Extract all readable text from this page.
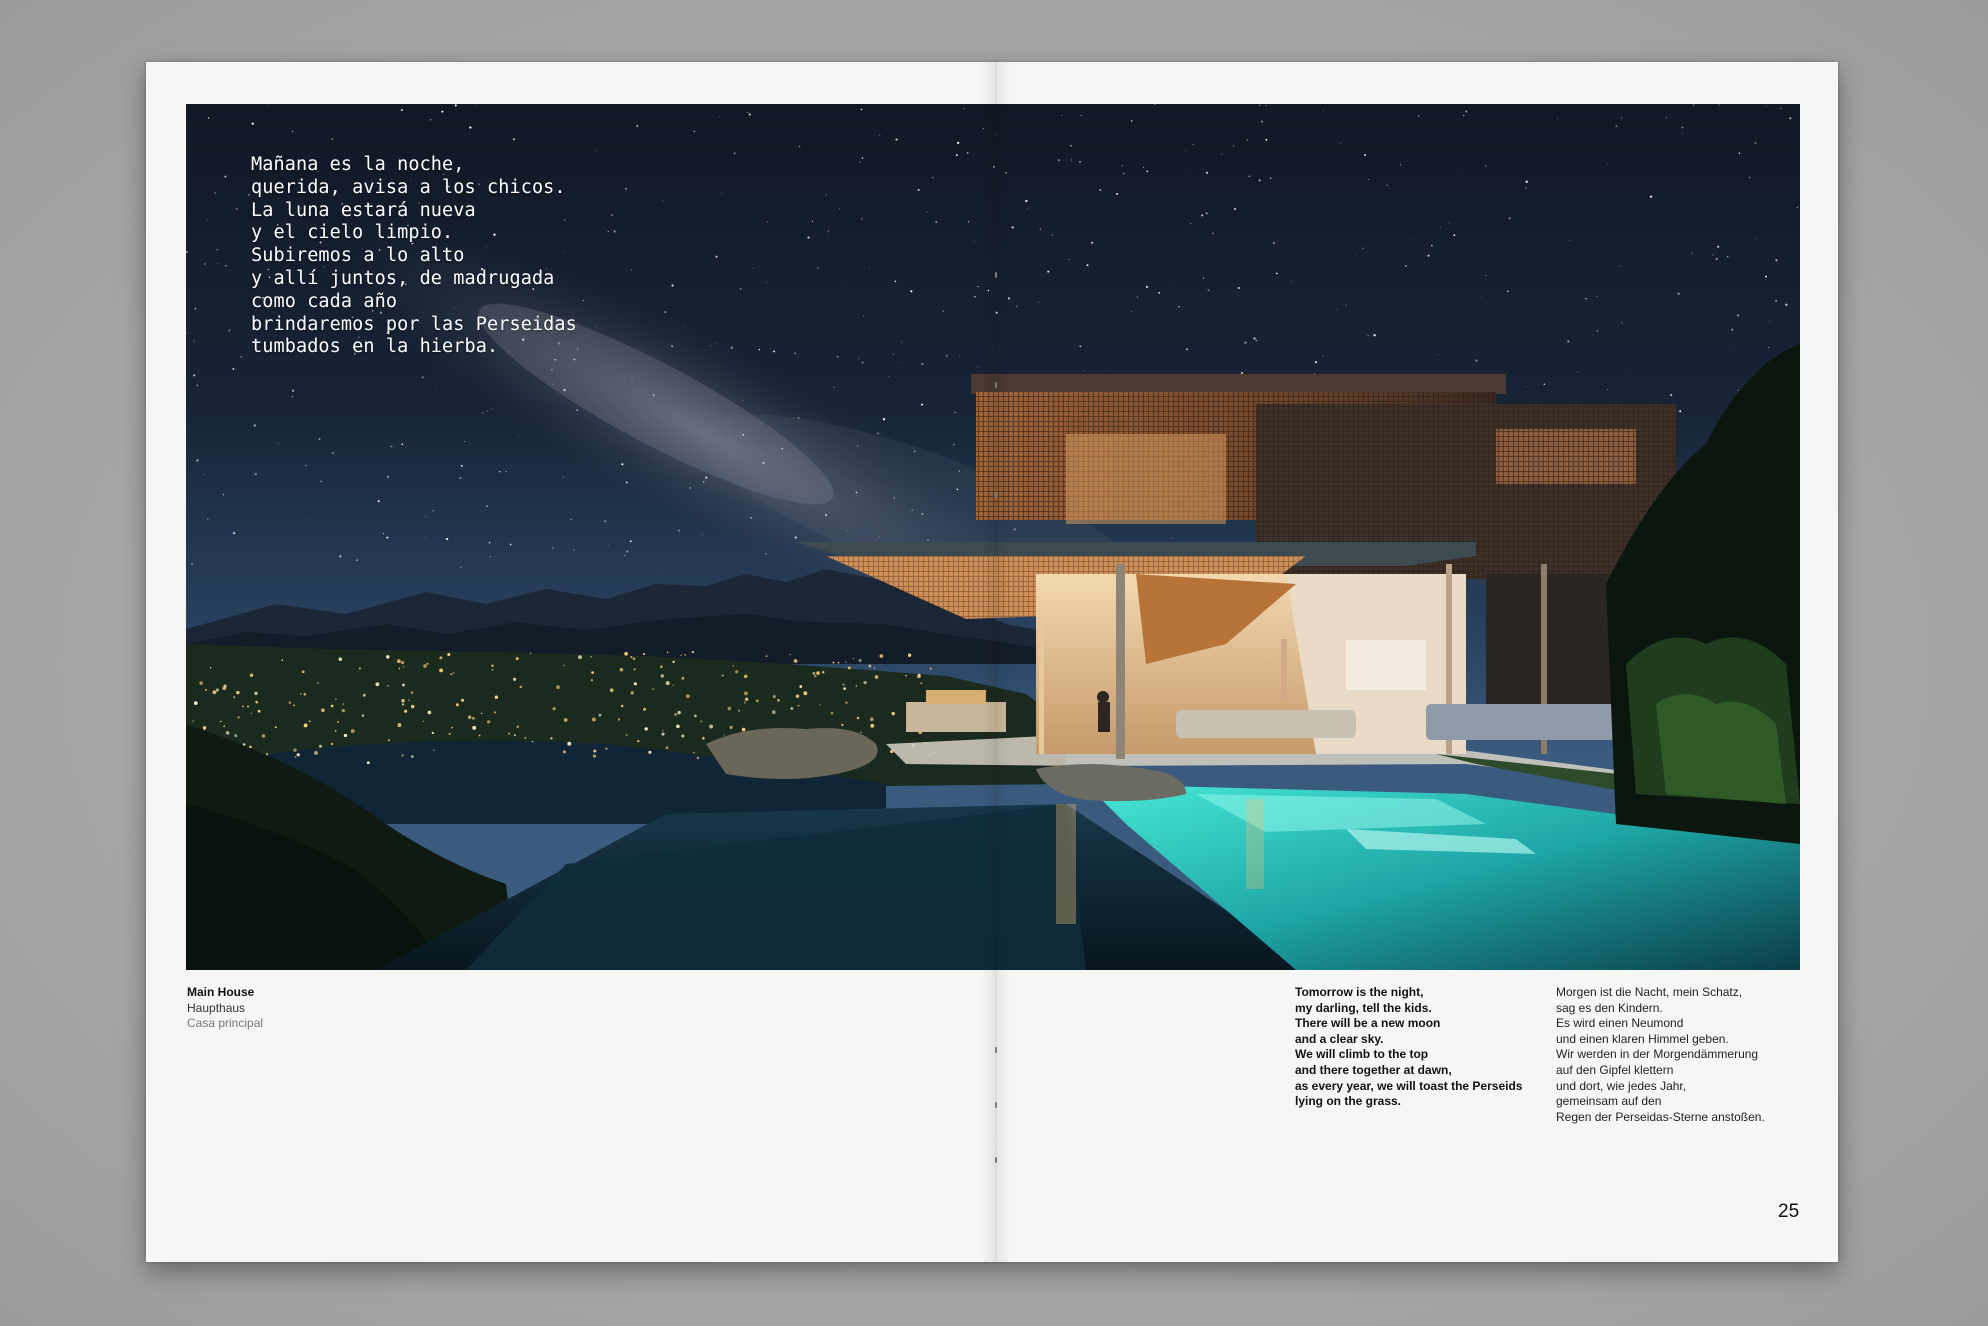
Mañana es la noche,
querida, avisa a los chicos.
La luna estará nueva
y el cielo limpio.
Subiremos a lo alto
y allí juntos, de madrugada
como cada año
brindaremos por las Perseidas
tumbados en la hierba.
Main House
Haupthaus
Casa principal
Tomorrow is the night,
my darling, tell the kids.
There will be a new moon
and a clear sky.
We will climb to the top
and there together at dawn,
as every year, we will toast the Perseids
lying on the grass.
Morgen ist die Nacht, mein Schatz,
sag es den Kindern.
Es wird einen Neumond
und einen klaren Himmel geben.
Wir werden in der Morgendämmerung
auf den Gipfel klettern
und dort, wie jedes Jahr,
gemeinsam auf den
Regen der Perseidas-Sterne anstoßen.
25
